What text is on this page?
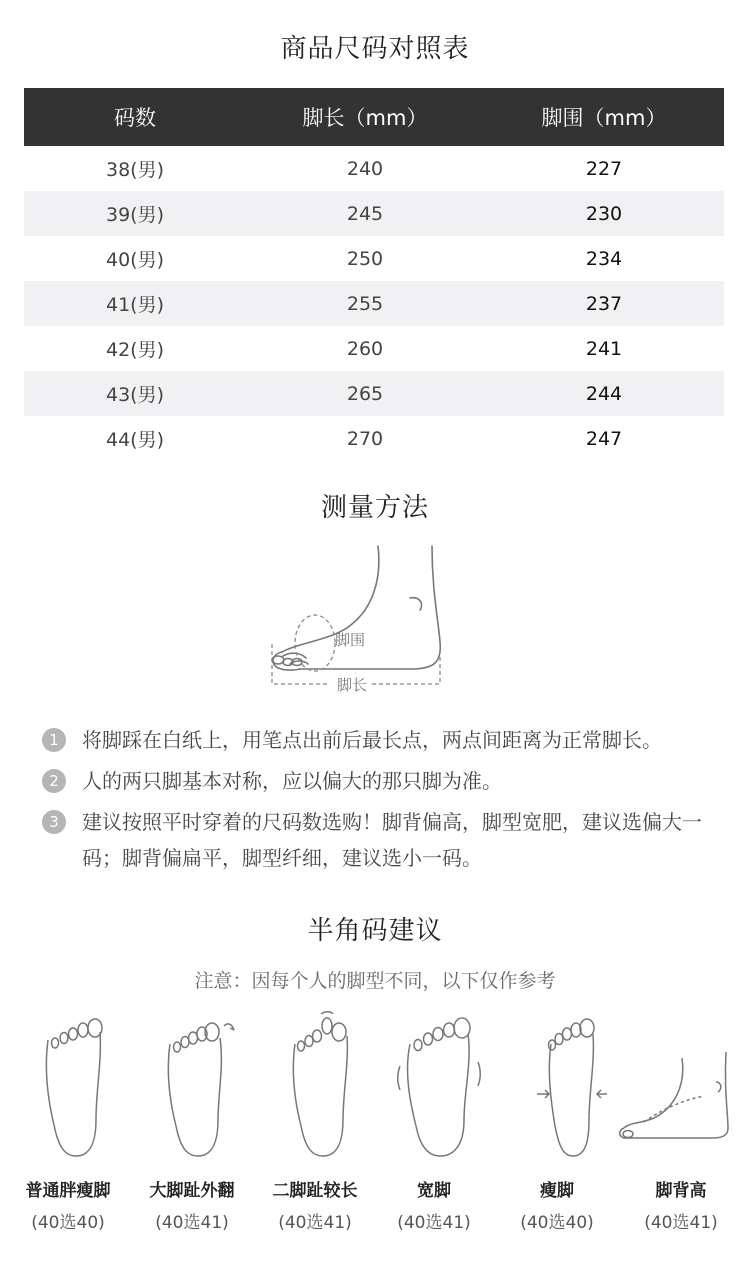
商品尺码对照表
码数	脚长（mm）	脚围（mm）
38(男)	240	227
39(男)	245	230
40(男)	250	234
41(男)	255	237
42(男)	260	241
43(男)	265	244
44(男)	270	247
测量方法
脚围
脚长
1	将脚踩在白纸上，用笔点出前后最长点，两点间距离为正常脚长。
2	人的两只脚基本对称，应以偏大的那只脚为准。
3	建议按照平时穿着的尺码数选购！脚背偏高，脚型宽肥，建议选偏大一码；脚背偏扁平，脚型纤细，建议选小一码。
半角码建议
注意：因每个人的脚型不同，以下仅作参考
普通胖瘦脚	大脚趾外翻	二脚趾较长	宽脚	瘦脚	脚背高
(40选40)	(40选41)	(40选41)	(40选41)	(40选40)	(40选41)
